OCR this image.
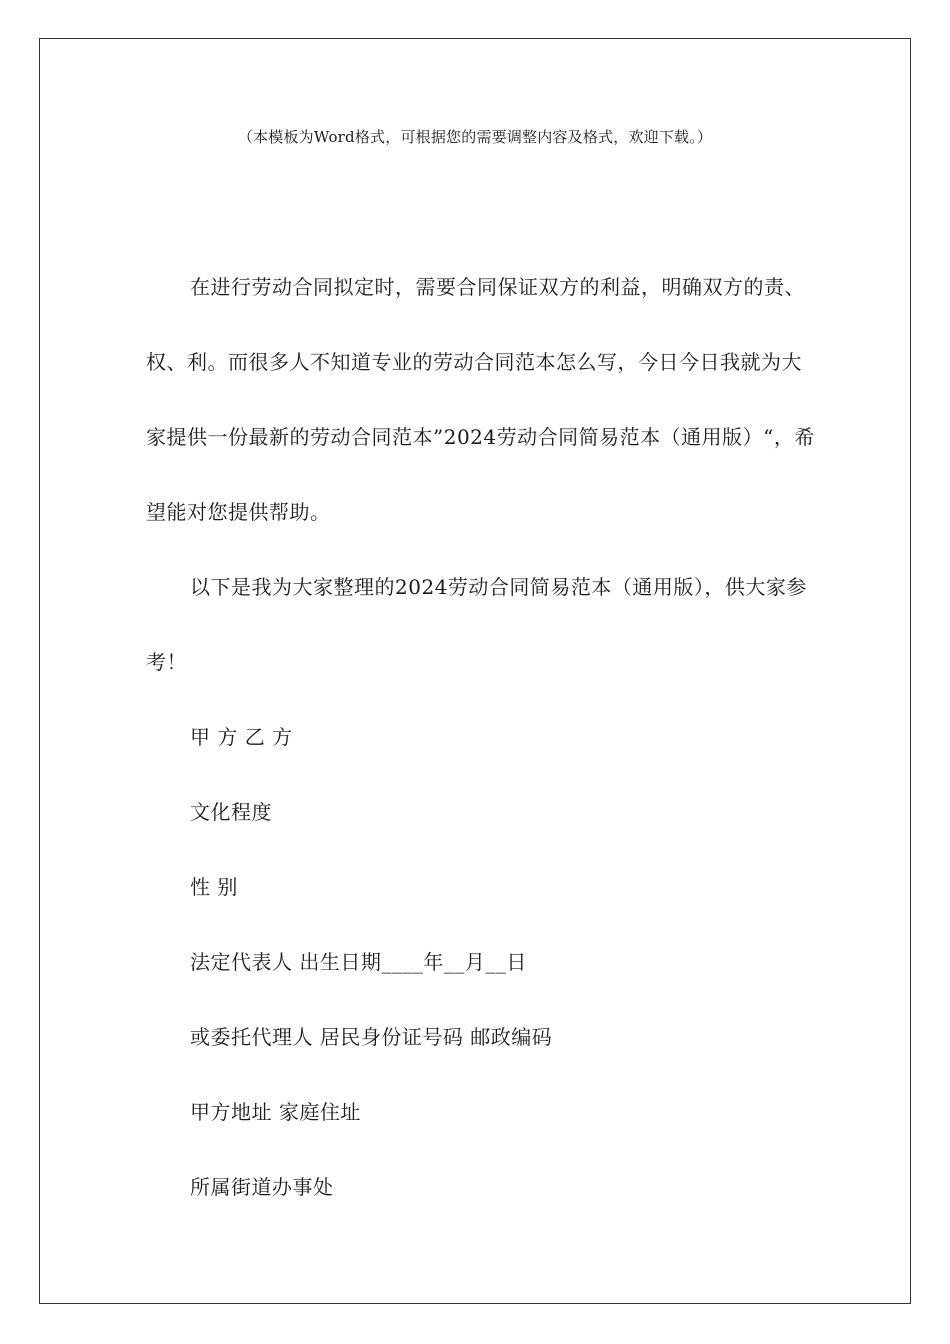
（本模板为Word格式，可根据您的需要调整内容及格式，欢迎下载。）

在进行劳动合同拟定时，需要合同保证双方的利益，明确双方的责、权、利。而很多人不知道专业的劳动合同范本怎么写，今日今日我就为大家提供一份最新的劳动合同范本”2024劳动合同简易范本（通用版）“，希望能对您提供帮助。

以下是我为大家整理的2024劳动合同简易范本（通用版），供大家参考！

甲 方 乙 方

文化程度

性 别

法定代表人 出生日期____年__月__日

或委托代理人 居民身份证号码 邮政编码

甲方地址 家庭住址

所属街道办事处
